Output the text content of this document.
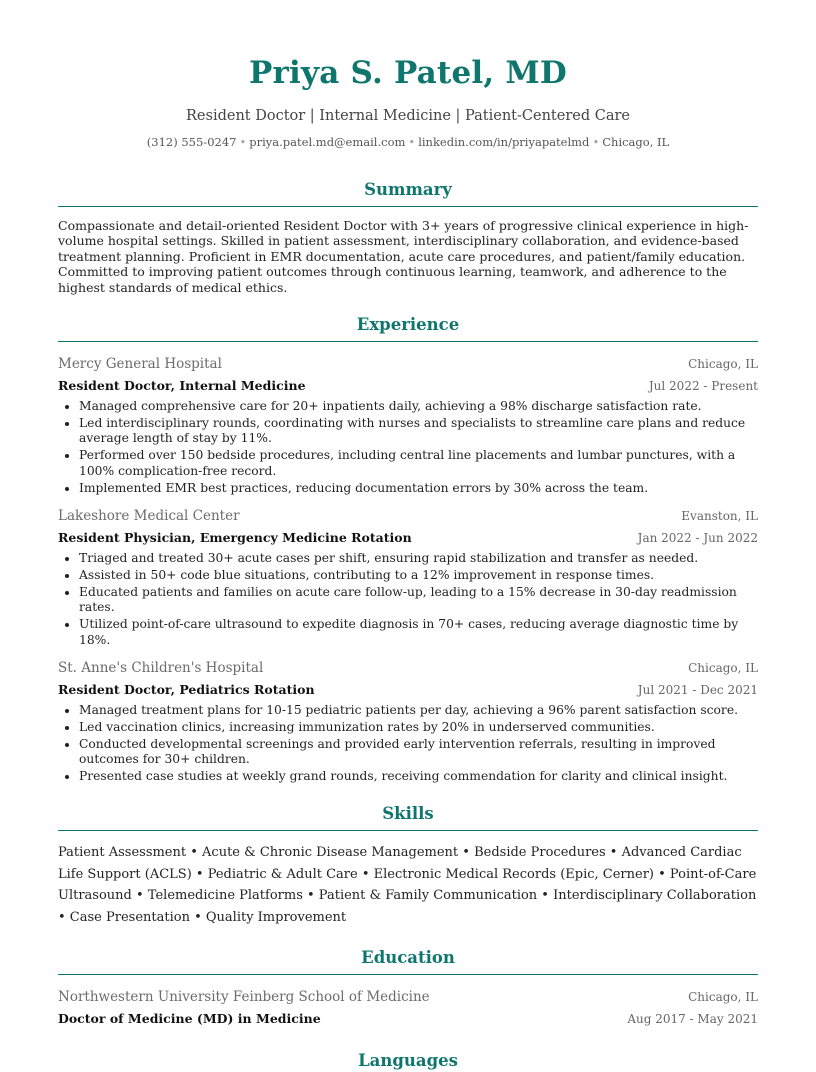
Priya S. Patel, MD
Resident Doctor | Internal Medicine | Patient-Centered Care
(312) 555-0247 • priya.patel.md@email.com • linkedin.com/in/priyapatelmd • Chicago, IL
Summary
Compassionate and detail-oriented Resident Doctor with 3+ years of progressive clinical experience in high-volume hospital settings. Skilled in patient assessment, interdisciplinary collaboration, and evidence-based treatment planning. Proficient in EMR documentation, acute care procedures, and patient/family education. Committed to improving patient outcomes through continuous learning, teamwork, and adherence to the highest standards of medical ethics.
Experience
Mercy General Hospital	Chicago, IL
Resident Doctor, Internal Medicine	Jul 2022 - Present
• Managed comprehensive care for 20+ inpatients daily, achieving a 98% discharge satisfaction rate.
• Led interdisciplinary rounds, coordinating with nurses and specialists to streamline care plans and reduce average length of stay by 11%.
• Performed over 150 bedside procedures, including central line placements and lumbar punctures, with a 100% complication-free record.
• Implemented EMR best practices, reducing documentation errors by 30% across the team.
Lakeshore Medical Center	Evanston, IL
Resident Physician, Emergency Medicine Rotation	Jan 2022 - Jun 2022
• Triaged and treated 30+ acute cases per shift, ensuring rapid stabilization and transfer as needed.
• Assisted in 50+ code blue situations, contributing to a 12% improvement in response times.
• Educated patients and families on acute care follow-up, leading to a 15% decrease in 30-day readmission rates.
• Utilized point-of-care ultrasound to expedite diagnosis in 70+ cases, reducing average diagnostic time by 18%.
St. Anne's Children's Hospital	Chicago, IL
Resident Doctor, Pediatrics Rotation	Jul 2021 - Dec 2021
• Managed treatment plans for 10-15 pediatric patients per day, achieving a 96% parent satisfaction score.
• Led vaccination clinics, increasing immunization rates by 20% in underserved communities.
• Conducted developmental screenings and provided early intervention referrals, resulting in improved outcomes for 30+ children.
• Presented case studies at weekly grand rounds, receiving commendation for clarity and clinical insight.
Skills
Patient Assessment • Acute & Chronic Disease Management • Bedside Procedures • Advanced Cardiac Life Support (ACLS) • Pediatric & Adult Care • Electronic Medical Records (Epic, Cerner) • Point-of-Care Ultrasound • Telemedicine Platforms • Patient & Family Communication • Interdisciplinary Collaboration • Case Presentation • Quality Improvement
Education
Northwestern University Feinberg School of Medicine	Chicago, IL
Doctor of Medicine (MD) in Medicine	Aug 2017 - May 2021
Languages
